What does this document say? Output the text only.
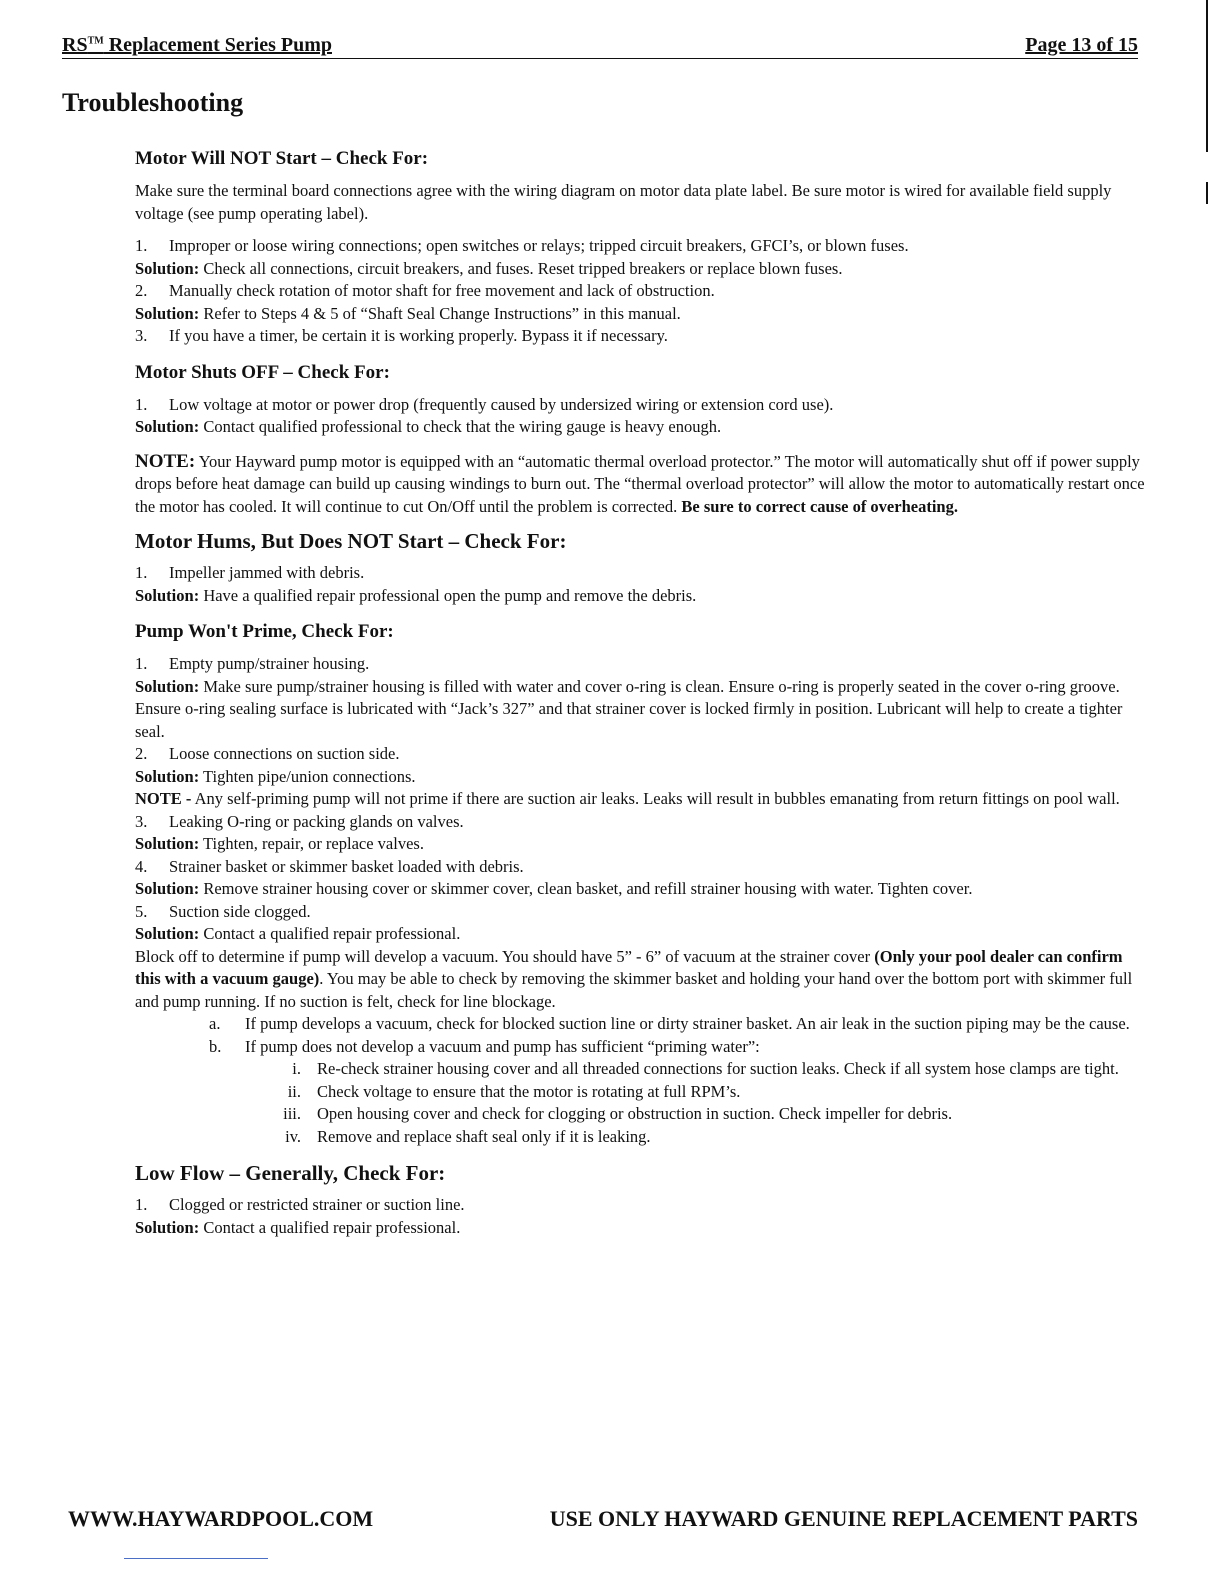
RS™ Replacement Series Pump	Page 13 of 15
Troubleshooting
Motor Will NOT Start – Check For:

Make sure the terminal board connections agree with the wiring diagram on motor data plate label. Be sure motor is wired for available field supply voltage (see pump operating label).

1. Improper or loose wiring connections; open switches or relays; tripped circuit breakers, GFCI’s, or blown fuses.
Solution: Check all connections, circuit breakers, and fuses. Reset tripped breakers or replace blown fuses.
2. Manually check rotation of motor shaft for free movement and lack of obstruction.
Solution: Refer to Steps 4 & 5 of “Shaft Seal Change Instructions” in this manual.
3. If you have a timer, be certain it is working properly. Bypass it if necessary.
Motor Shuts OFF – Check For:
1. Low voltage at motor or power drop (frequently caused by undersized wiring or extension cord use).
Solution: Contact qualified professional to check that the wiring gauge is heavy enough.

NOTE: Your Hayward pump motor is equipped with an “automatic thermal overload protector.” The motor will automatically shut off if power supply drops before heat damage can build up causing windings to burn out. The “thermal overload protector” will allow the motor to automatically restart once the motor has cooled. It will continue to cut On/Off until the problem is corrected. Be sure to correct cause of overheating.

Motor Hums, But Does NOT Start – Check For:
1. Impeller jammed with debris.
Solution: Have a qualified repair professional open the pump and remove the debris.
Pump Won't Prime, Check For:
1. Empty pump/strainer housing.
Solution: Make sure pump/strainer housing is filled with water and cover o-ring is clean. Ensure o-ring is properly seated in the cover o-ring groove. Ensure o-ring sealing surface is lubricated with “Jack’s 327” and that strainer cover is locked firmly in position. Lubricant will help to create a tighter seal.
2. Loose connections on suction side.
Solution: Tighten pipe/union connections.
NOTE - Any self-priming pump will not prime if there are suction air leaks. Leaks will result in bubbles emanating from return fittings on pool wall.
3. Leaking O-ring or packing glands on valves.
Solution: Tighten, repair, or replace valves.
4. Strainer basket or skimmer basket loaded with debris.
Solution: Remove strainer housing cover or skimmer cover, clean basket, and refill strainer housing with water. Tighten cover.
5. Suction side clogged.
Solution: Contact a qualified repair professional.
Block off to determine if pump will develop a vacuum. You should have 5” - 6” of vacuum at the strainer cover (Only your pool dealer can confirm this with a vacuum gauge). You may be able to check by removing the skimmer basket and holding your hand over the bottom port with skimmer full and pump running. If no suction is felt, check for line blockage.
a.	If pump develops a vacuum, check for blocked suction line or dirty strainer basket. An air leak in the suction piping may be the cause.
b.	If pump does not develop a vacuum and pump has sufficient “priming water”:
i. Re-check strainer housing cover and all threaded connections for suction leaks. Check if all system hose clamps are tight.
ii. Check voltage to ensure that the motor is rotating at full RPM’s.
iii. Open housing cover and check for clogging or obstruction in suction. Check impeller for debris.
iv. Remove and replace shaft seal only if it is leaking.
Low Flow – Generally, Check For:
1. Clogged or restricted strainer or suction line.
Solution: Contact a qualified repair professional.
WWW.HAYWARDPOOL.COM	USE ONLY HAYWARD GENUINE REPLACEMENT PARTS
